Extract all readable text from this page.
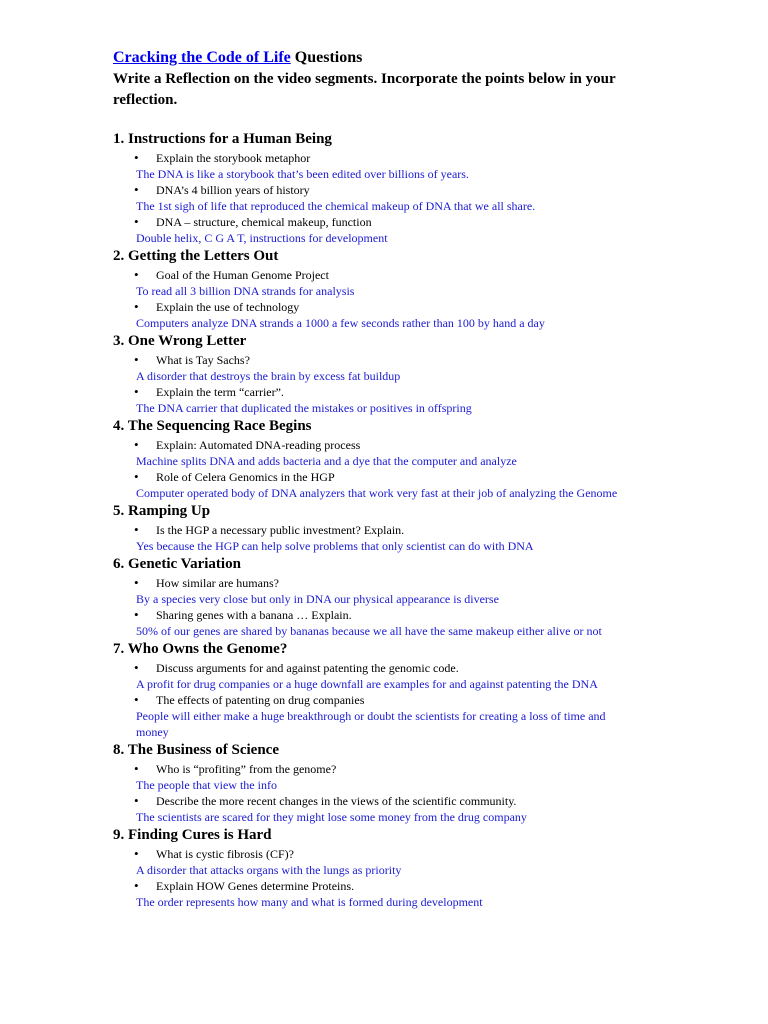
Cracking the Code of Life Questions
Write a Reflection on the video segments. Incorporate the points below in your reflection.
1. Instructions for a Human Being
•
Explain the storybook metaphor
The DNA is like a storybook that’s been edited over billions of years.
•
DNA’s 4 billion years of history
The 1st sigh of life that reproduced the chemical makeup of DNA that we all share.
•
DNA – structure, chemical makeup, function
Double helix, C G A T, instructions for development
2. Getting the Letters Out
•
Goal of the Human Genome Project
To read all 3 billion DNA strands for analysis
•
Explain the use of technology
Computers analyze DNA strands a 1000 a few seconds rather than 100 by hand a day
3. One Wrong Letter
•
What is Tay Sachs?
A disorder that destroys the brain by excess fat buildup
•
Explain the term “carrier”.
The DNA carrier that duplicated the mistakes or positives in offspring
4. The Sequencing Race Begins
•
Explain: Automated DNA-reading process
Machine splits DNA and adds bacteria and a dye that the computer and analyze
•
Role of Celera Genomics in the HGP
Computer operated body of DNA analyzers that work very fast at their job of analyzing the Genome
5. Ramping Up
•
Is the HGP a necessary public investment? Explain.
Yes because the HGP can help solve problems that only scientist can do with DNA
6. Genetic Variation
•
How similar are humans?
By a species very close but only in DNA our physical appearance is diverse
•
Sharing genes with a banana … Explain.
50% of our genes are shared by bananas because we all have the same makeup either alive or not
7. Who Owns the Genome?
•
Discuss arguments for and against patenting the genomic code.
A profit for drug companies or a huge downfall are examples for and against patenting the DNA
•
The effects of patenting on drug companies
People will either make a huge breakthrough or doubt the scientists for creating a loss of time and money
8. The Business of Science
•
Who is “profiting” from the genome?
The people that view the info
•
Describe the more recent changes in the views of the scientific community.
The scientists are scared for they might lose some money from the drug company
9. Finding Cures is Hard
•
What is cystic fibrosis (CF)?
A disorder that attacks organs with the lungs as priority
•
Explain HOW Genes determine Proteins.
The order represents how many and what is formed during development
